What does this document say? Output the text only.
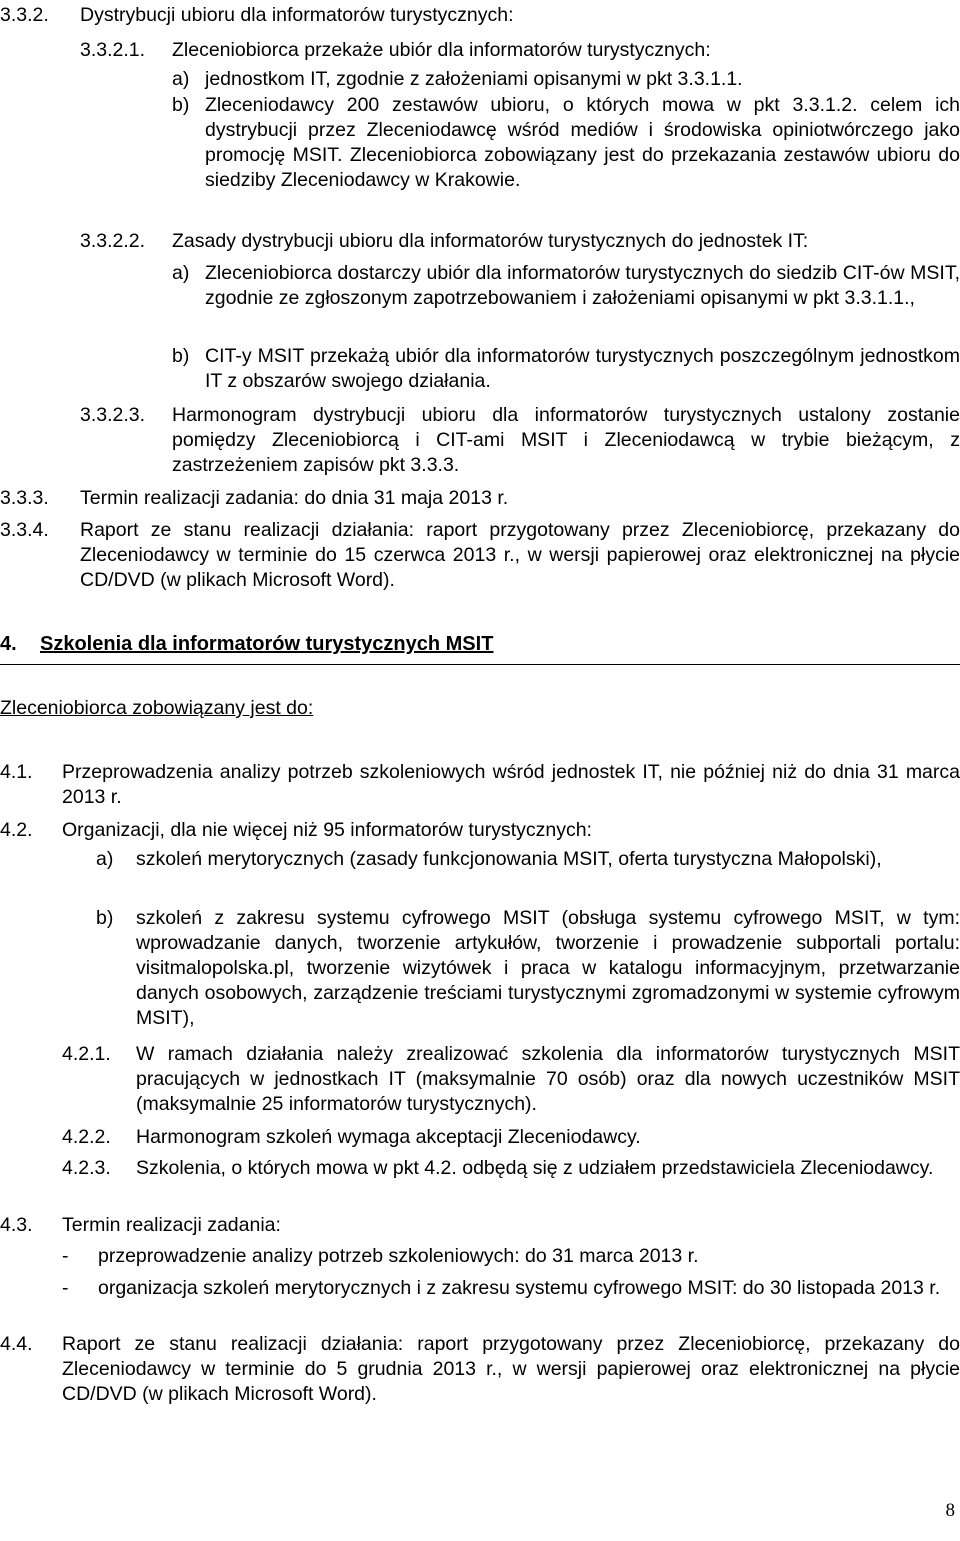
3.3.2.	Dystrybucji ubioru dla informatorów turystycznych:
3.3.2.1.	Zleceniobiorca przekaże ubiór dla informatorów turystycznych:
a) jednostkom IT, zgodnie z założeniami opisanymi w pkt 3.3.1.1.
b) Zleceniodawcy 200 zestawów ubioru, o których mowa w pkt 3.3.1.2. celem ich dystrybucji przez Zleceniodawcę wśród mediów i środowiska opiniotwórczego jako promocję MSIT. Zleceniobiorca zobowiązany jest do przekazania zestawów ubioru do siedziby Zleceniodawcy w Krakowie.
3.3.2.2.	Zasady dystrybucji ubioru dla informatorów turystycznych do jednostek IT:
a) Zleceniobiorca dostarczy ubiór dla informatorów turystycznych do siedzib CIT-ów MSIT, zgodnie ze zgłoszonym zapotrzebowaniem i założeniami opisanymi w pkt 3.3.1.1.,
b) CIT-y MSIT przekażą ubiór dla informatorów turystycznych poszczególnym jednostkom IT z obszarów swojego działania.
3.3.2.3.	Harmonogram dystrybucji ubioru dla informatorów turystycznych ustalony zostanie pomiędzy Zleceniobiorcą i CIT-ami MSIT i Zleceniodawcą w trybie bieżącym, z zastrzeżeniem zapisów pkt 3.3.3.
3.3.3.	Termin realizacji zadania: do dnia 31 maja 2013 r.
3.3.4.	Raport ze stanu realizacji działania: raport przygotowany przez Zleceniobiorcę, przekazany do Zleceniodawcy w terminie do 15 czerwca 2013 r., w wersji papierowej oraz elektronicznej na płycie CD/DVD (w plikach Microsoft Word).
4. Szkolenia dla informatorów turystycznych MSIT
Zleceniobiorca zobowiązany jest do:
4.1.	Przeprowadzenia analizy potrzeb szkoleniowych wśród jednostek IT, nie później niż do dnia 31 marca 2013 r.
4.2.	Organizacji, dla nie więcej niż 95 informatorów turystycznych:
a)	szkoleń merytorycznych (zasady funkcjonowania MSIT, oferta turystyczna Małopolski),
b)	szkoleń z zakresu systemu cyfrowego MSIT (obsługa systemu cyfrowego MSIT, w tym: wprowadzanie danych, tworzenie artykułów, tworzenie i prowadzenie subportali portalu: visitmalopolska.pl, tworzenie wizytówek i praca w katalogu informacyjnym, przetwarzanie danych osobowych, zarządzenie treściami turystycznymi zgromadzonymi w systemie cyfrowym MSIT),
4.2.1.	W ramach działania należy zrealizować szkolenia dla informatorów turystycznych MSIT pracujących w jednostkach IT (maksymalnie 70 osób) oraz dla nowych uczestników MSIT (maksymalnie 25 informatorów turystycznych).
4.2.2.	Harmonogram szkoleń wymaga akceptacji Zleceniodawcy.
4.2.3.	Szkolenia, o których mowa w pkt 4.2. odbędą się z udziałem przedstawiciela Zleceniodawcy.
4.3.	Termin realizacji zadania:
-	przeprowadzenie analizy potrzeb szkoleniowych: do 31 marca 2013 r.
-	organizacja szkoleń merytorycznych i z zakresu systemu cyfrowego MSIT: do 30 listopada 2013 r.
4.4.	Raport ze stanu realizacji działania: raport przygotowany przez Zleceniobiorcę, przekazany do Zleceniodawcy w terminie do 5 grudnia 2013 r., w wersji papierowej oraz elektronicznej na płycie CD/DVD (w plikach Microsoft Word).
8
